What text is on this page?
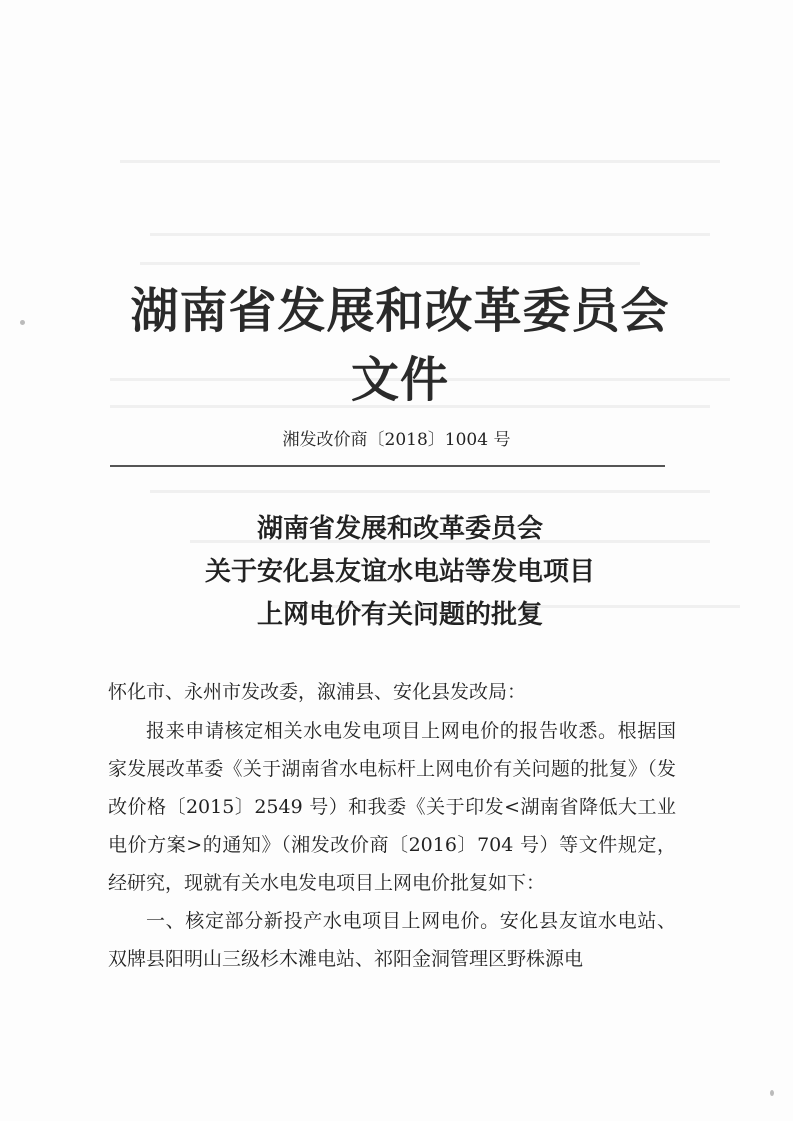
湖南省发展和改革委员会文件
湘发改价商〔2018〕1004 号
湖南省发展和改革委员会
关于安化县友谊水电站等发电项目
上网电价有关问题的批复
怀化市、永州市发改委，溆浦县、安化县发改局：

报来申请核定相关水电发电项目上网电价的报告收悉。根据国家发展改革委《关于湖南省水电标杆上网电价有关问题的批复》（发改价格〔2015〕2549 号）和我委《关于印发<湖南省降低大工业电价方案>的通知》（湘发改价商〔2016〕704 号）等文件规定，经研究，现就有关水电发电项目上网电价批复如下：

一、核定部分新投产水电项目上网电价。安化县友谊水电站、双牌县阳明山三级杉木滩电站、祁阳金洞管理区野株源电
